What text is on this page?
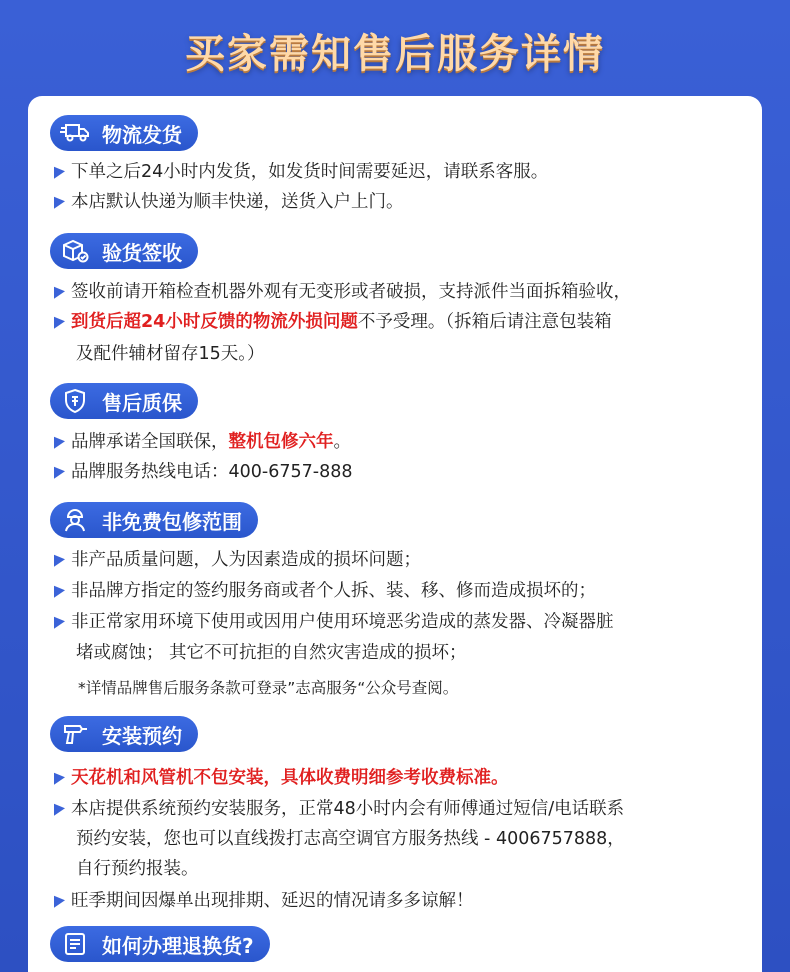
买家需知售后服务详情
物流发货
下单之后24小时内发货，如发货时间需要延迟，请联系客服。
本店默认快递为顺丰快递，送货入户上门。
验货签收
签收前请开箱检查机器外观有无变形或者破损，支持派件当面拆箱验收，
到货后超24小时反馈的物流外损问题不予受理。（拆箱后请注意包装箱
及配件辅材留存15天。）
售后质保
品牌承诺全国联保，整机包修六年。
品牌服务热线电话：400-6757-888
非免费包修范围
非产品质量问题，人为因素造成的损坏问题；
非品牌方指定的签约服务商或者个人拆、装、移、修而造成损坏的；
非正常家用环境下使用或因用户使用环境恶劣造成的蒸发器、冷凝器脏
堵或腐蚀； 其它不可抗拒的自然灾害造成的损坏；
*详情品牌售后服务条款可登录”志高服务“公众号查阅。
安装预约
天花机和风管机不包安装，具体收费明细参考收费标准。
本店提供系统预约安装服务，正常48小时内会有师傅通过短信/电话联系
预约安装，您也可以直线拨打志高空调官方服务热线 - 4006757888，
自行预约报装。
旺季期间因爆单出现排期、延迟的情况请多多谅解！
如何办理退换货?
